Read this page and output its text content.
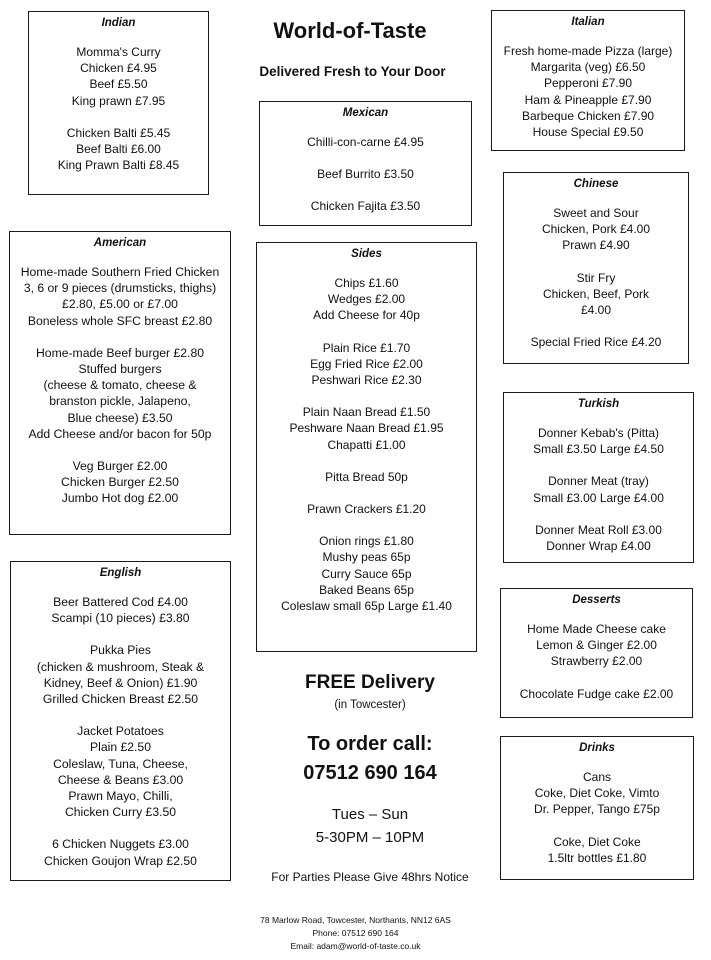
World-of-Taste
Delivered Fresh to Your Door
Indian
Momma's Curry
Chicken £4.95
Beef £5.50
King prawn £7.95
Chicken Balti £5.45
Beef Balti £6.00
King Prawn Balti £8.45
Italian
Fresh home-made Pizza (large)
Margarita (veg) £6.50
Pepperoni £7.90
Ham & Pineapple £7.90
Barbeque Chicken £7.90
House Special £9.50
Mexican
Chilli-con-carne £4.95
Beef Burrito £3.50
Chicken Fajita £3.50
Chinese
Sweet and Sour
Chicken, Pork £4.00
Prawn £4.90
Stir Fry
Chicken, Beef, Pork
£4.00
Special Fried Rice £4.20
American
Home-made Southern Fried Chicken
3, 6 or 9 pieces (drumsticks, thighs)
£2.80, £5.00 or £7.00
Boneless whole SFC breast £2.80
Home-made Beef burger £2.80
Stuffed burgers
(cheese & tomato, cheese &
branston pickle, Jalapeno,
Blue cheese) £3.50
Add Cheese and/or bacon for 50p
Veg Burger £2.00
Chicken Burger £2.50
Jumbo Hot dog £2.00
Sides
Chips £1.60
Wedges £2.00
Add Cheese for 40p
Plain Rice £1.70
Egg Fried Rice £2.00
Peshwari Rice £2.30
Plain Naan Bread £1.50
Peshware Naan Bread £1.95
Chapatti £1.00
Pitta Bread 50p
Prawn Crackers £1.20
Onion rings £1.80
Mushy peas 65p
Curry Sauce 65p
Baked Beans 65p
Coleslaw small 65p Large £1.40
Turkish
Donner Kebab's (Pitta)
Small £3.50 Large £4.50
Donner Meat (tray)
Small £3.00 Large £4.00
Donner Meat Roll £3.00
Donner Wrap £4.00
English
Beer Battered Cod £4.00
Scampi (10 pieces) £3.80
Pukka Pies
(chicken & mushroom, Steak &
Kidney, Beef & Onion) £1.90
Grilled Chicken Breast £2.50
Jacket Potatoes
Plain £2.50
Coleslaw, Tuna, Cheese,
Cheese & Beans £3.00
Prawn Mayo, Chilli,
Chicken Curry £3.50
6 Chicken Nuggets £3.00
Chicken Goujon Wrap £2.50
Desserts
Home Made Cheese cake
Lemon & Ginger £2.00
Strawberry £2.00
Chocolate Fudge cake £2.00
Drinks
Cans
Coke, Diet Coke, Vimto
Dr. Pepper, Tango £75p
Coke, Diet Coke
1.5ltr bottles £1.80
FREE Delivery
(in Towcester)
To order call:
07512 690 164
Tues – Sun
5-30PM – 10PM
For Parties Please Give 48hrs Notice
78 Marlow Road, Towcester, Northants, NN12 6AS
Phone: 07512 690 164
Email: adam@world-of-taste.co.uk
